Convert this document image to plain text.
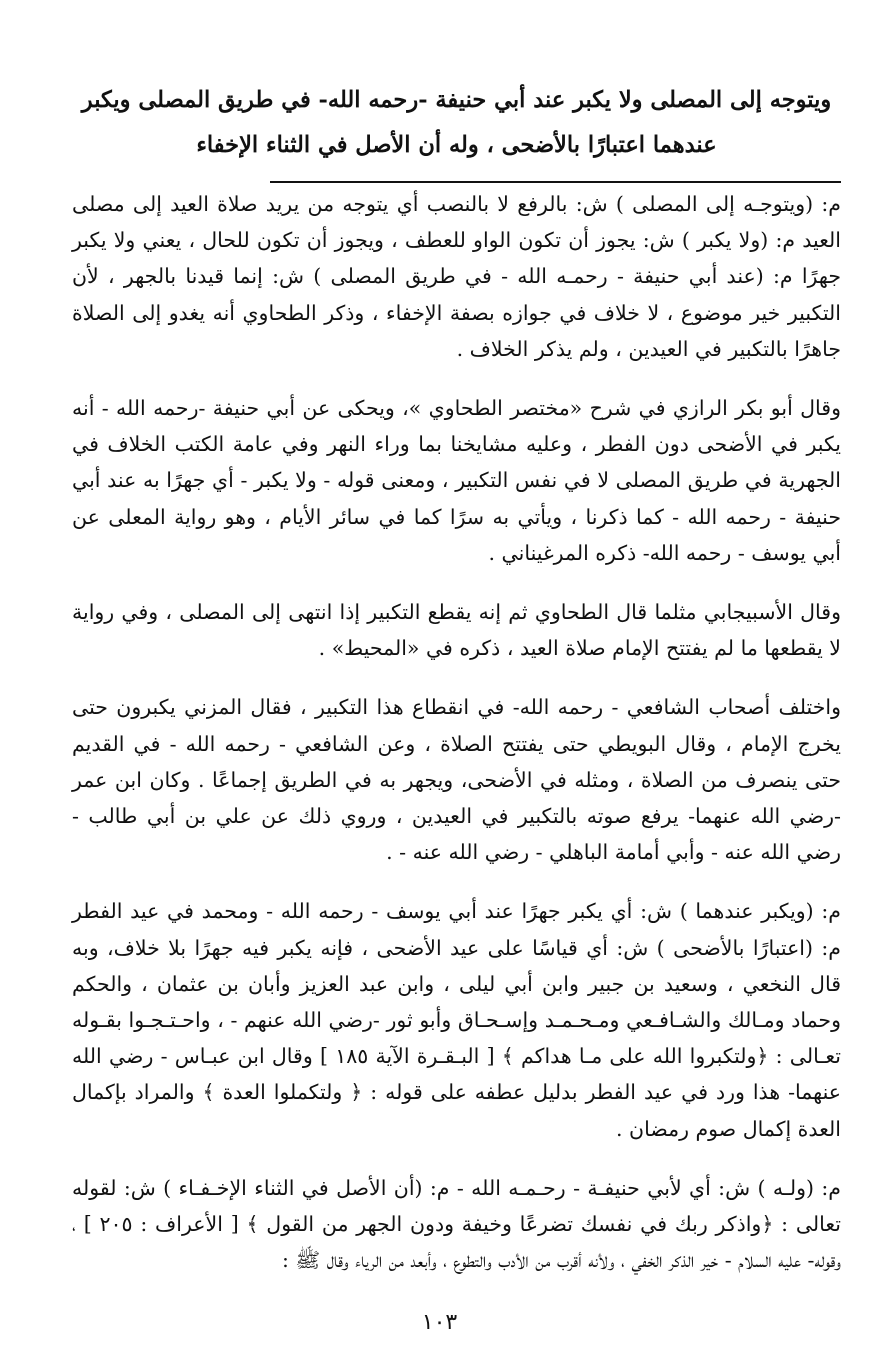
ويتوجه إلى المصلى ولا يكبر عند أبي حنيفة -رحمه الله- في طريق المصلى ويكبر عندهما اعتبارًا بالأضحى ، وله أن الأصل في الثناء الإخفاء

م: (ويتوجـه إلى المصلى ) ش: بالرفع لا بالنصب أي يتوجه من يريد صلاة العيد إلى مصلى العيد م: (ولا يكبر ) ش: يجوز أن تكون الواو للعطف ، ويجوز أن تكون للحال ، يعني ولا يكبر جهرًا م: (عند أبي حنيفة - رحمـه الله - في طريق المصلى ) ش: إنما قيدنا بالجهر ، لأن التكبير خير موضوع ، لا خلاف في جوازه بصفة الإخفاء ، وذكر الطحاوي أنه يغدو إلى الصلاة جاهرًا بالتكبير في العيدين ، ولم يذكر الخلاف .

وقال أبو بكر الرازي في شرح «مختصر الطحاوي »، ويحكى عن أبي حنيفة -رحمه الله - أنه يكبر في الأضحى دون الفطر ، وعليه مشايخنا بما وراء النهر وفي عامة الكتب الخلاف في الجهرية في طريق المصلى لا في نفس التكبير ، ومعنى قوله - ولا يكبر - أي جهرًا به عند أبي حنيفة - رحمه الله - كما ذكرنا ، ويأتي به سرًا كما في سائر الأيام ، وهو رواية المعلى عن أبي يوسف - رحمه الله- ذكره المرغيناني .

وقال الأسبيجابي مثلما قال الطحاوي ثم إنه يقطع التكبير إذا انتهى إلى المصلى ، وفي رواية لا يقطعها ما لم يفتتح الإمام صلاة العيد ، ذكره في «المحيط» .

واختلف أصحاب الشافعي - رحمه الله- في انقطاع هذا التكبير ، فقال المزني يكبرون حتى يخرج الإمام ، وقال البويطي حتى يفتتح الصلاة ، وعن الشافعي - رحمه الله - في القديم حتى ينصرف من الصلاة ، ومثله في الأضحى، ويجهر به في الطريق إجماعًا . وكان ابن عمر -رضي الله عنهما- يرفع صوته بالتكبير في العيدين ، وروي ذلك عن علي بن أبي طالب - رضي الله عنه - وأبي أمامة الباهلي - رضي الله عنه - .

م: (ويكبر عندهما ) ش: أي يكبر جهرًا عند أبي يوسف - رحمه الله - ومحمد في عيد الفطر م: (اعتبارًا بالأضحى ) ش: أي قياسًا على عيد الأضحى ، فإنه يكبر فيه جهرًا بلا خلاف، وبه قال النخعي ، وسعيد بن جبير وابن أبي ليلى ، وابن عبد العزيز وأبان بن عثمان ، والحكم وحماد ومـالك والشـافـعي ومـحـمـد وإسـحـاق وأبو ثور -رضي الله عنهم - ، واحـتـجـوا بقـوله تعـالى : ﴿ولتكبروا الله على مـا هداكم ﴾ [ البـقـرة الآية ١٨٥ ] وقال ابن عبـاس - رضي الله عنهما- هذا ورد في عيد الفطر بدليل عطفه على قوله : ﴿ ولتكملوا العدة ﴾ والمراد بإكمال العدة إكمال صوم رمضان .

م: (ولـه ) ش: أي لأبي حنيفـة - رحـمـه الله - م: (أن الأصل في الثناء الإخـفـاء ) ش: لقوله تعالى : ﴿واذكر ربك في نفسك تضرعًا وخيفة ودون الجهر من القول ﴾ [ الأعراف : ٢٠٥ ] ، وقوله- عليه السلام - خير الذكر الخفي ، ولأنه أقرب من الأدب والتطوع ، وأبعد من الرياء وقال ﷺ :

١٠٣
